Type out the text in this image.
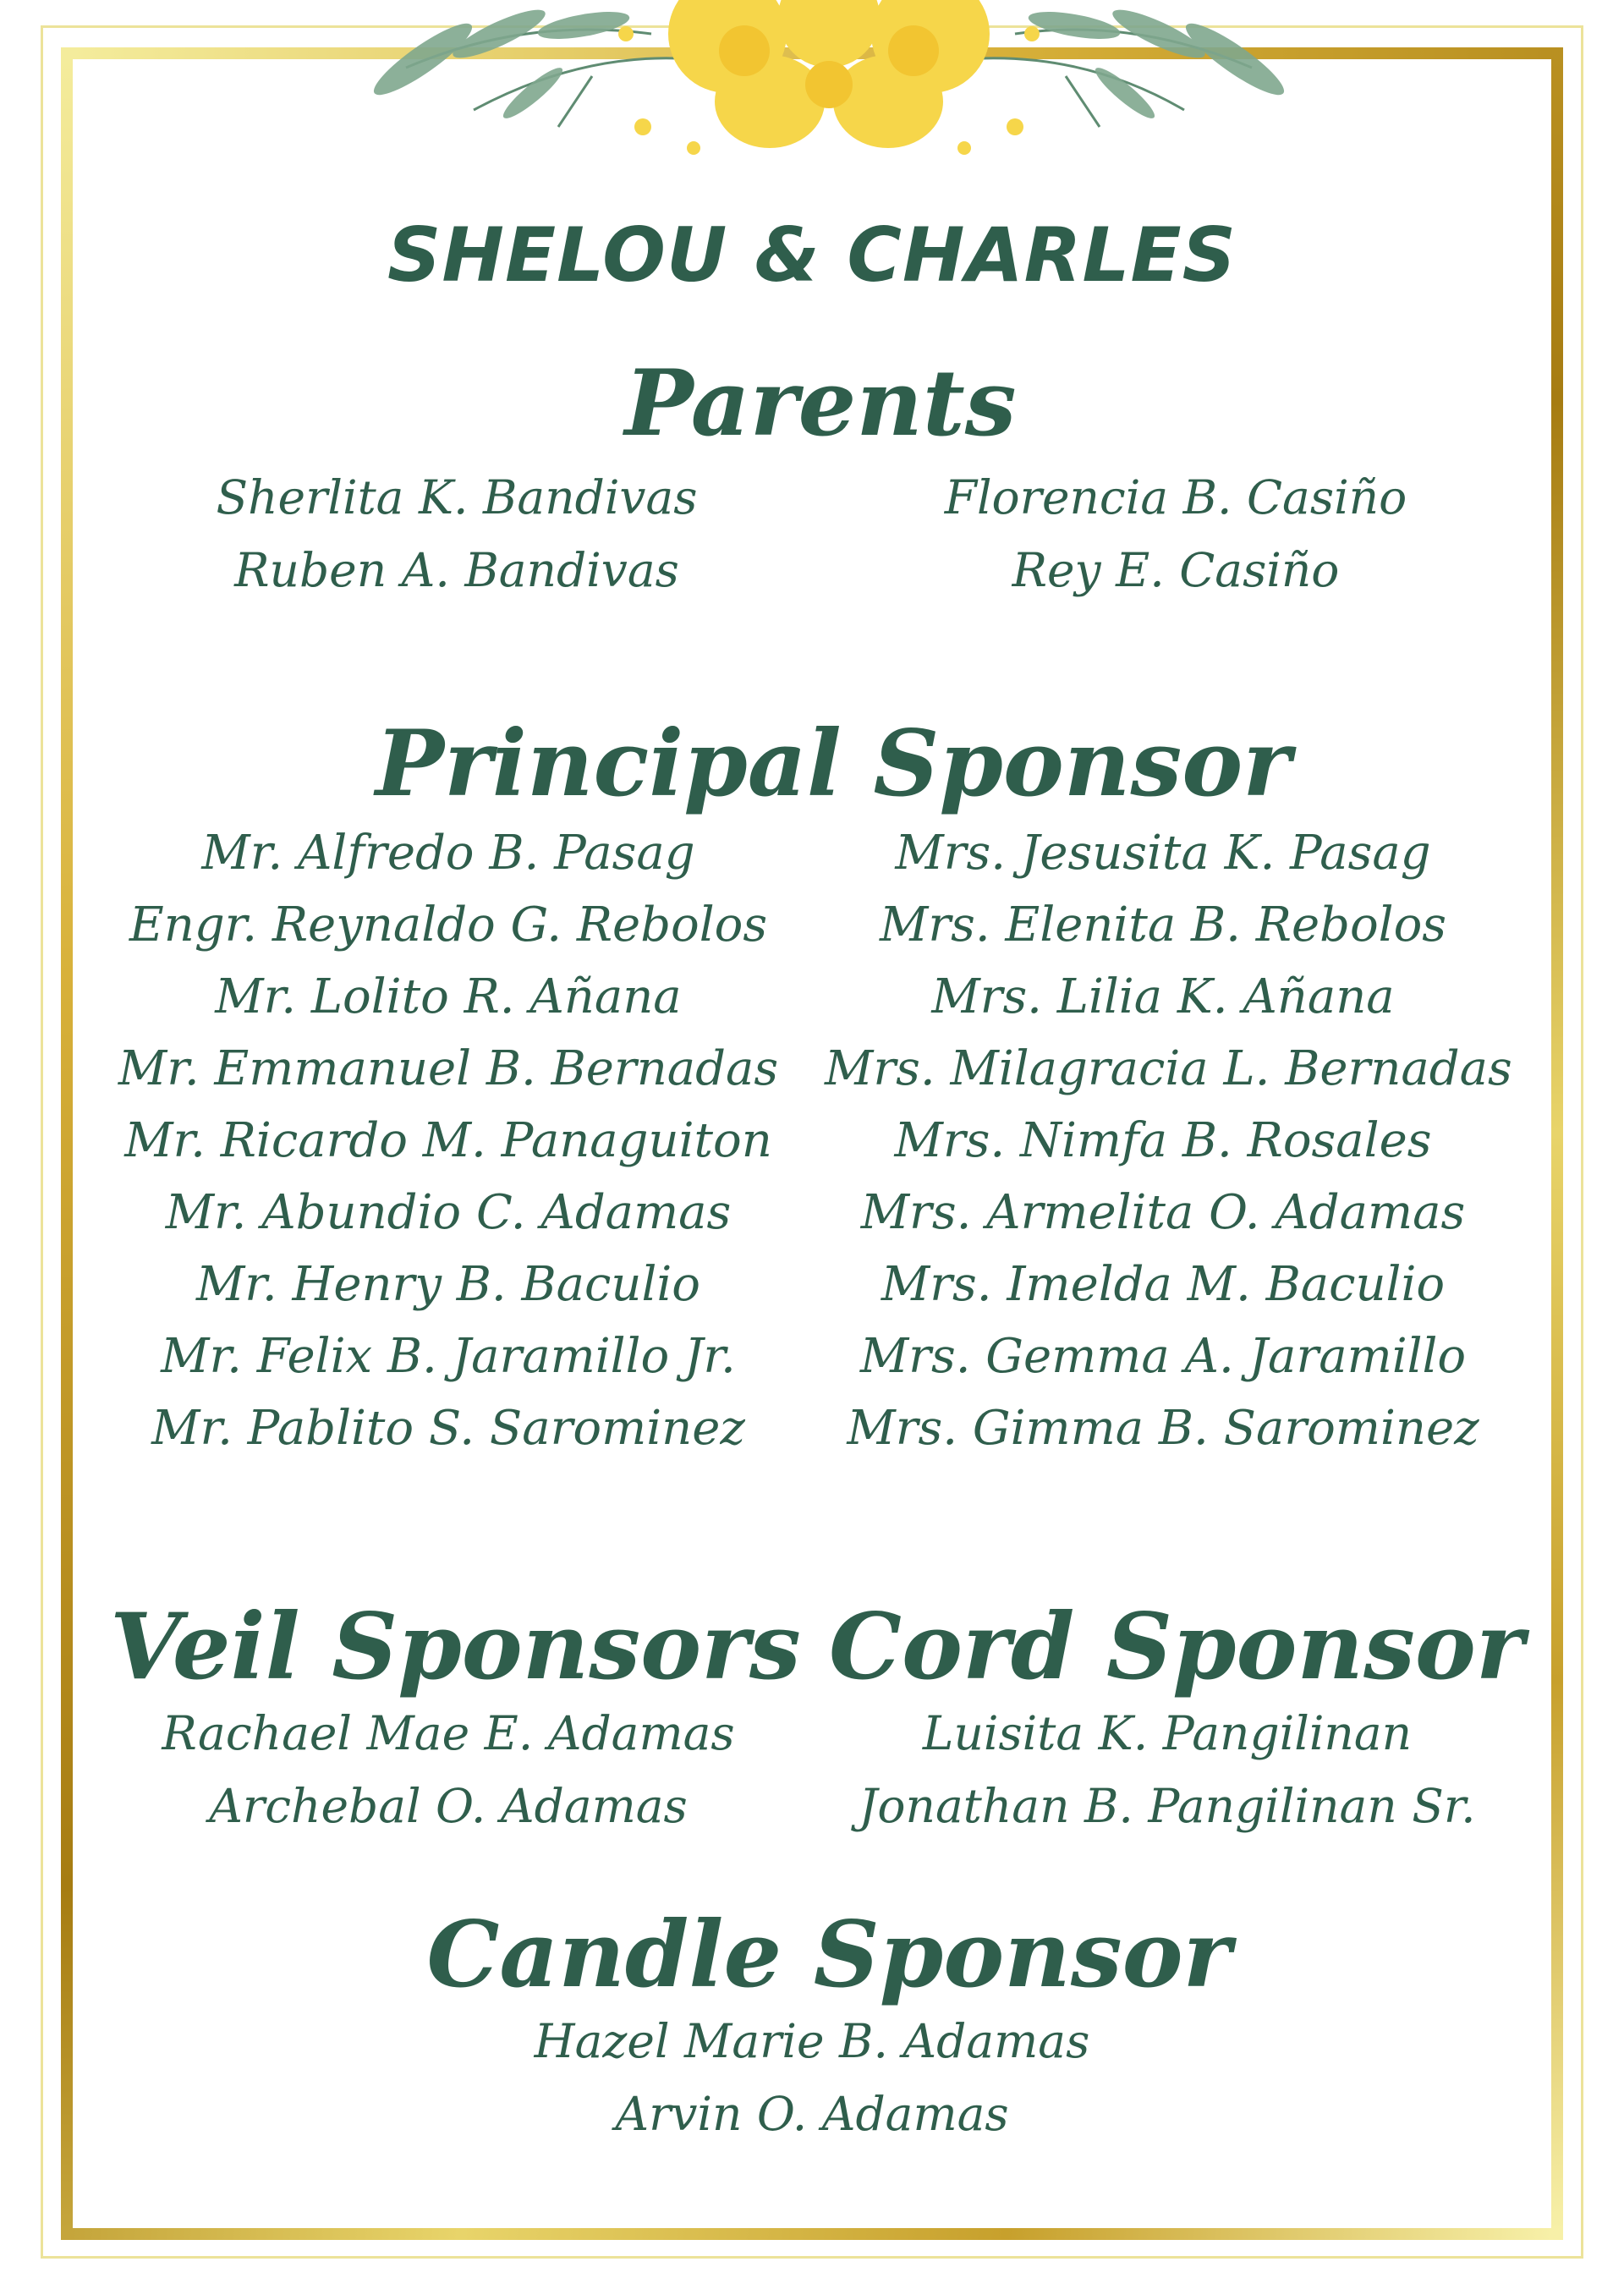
SHELOU & CHARLES
Parents
Sherlita K. Bandivas
Ruben A. Bandivas
Florencia B. Casiño
Rey E. Casiño
Principal Sponsor
Mr. Alfredo B. Pasag
Engr. Reynaldo G. Rebolos
Mr. Lolito R. Añana
Mr. Emmanuel B. Bernadas
Mr. Ricardo M. Panaguiton
Mr. Abundio C. Adamas
Mr. Henry B. Baculio
Mr. Felix B. Jaramillo Jr.
Mr. Pablito S. Sarominez
Mrs. Jesusita K. Pasag
Mrs. Elenita B. Rebolos
Mrs. Lilia K. Añana
Mrs. Milagracia L. Bernadas
Mrs. Nimfa B. Rosales
Mrs. Armelita O. Adamas
Mrs. Imelda M. Baculio
Mrs. Gemma A. Jaramillo
Mrs. Gimma B. Sarominez
Veil Sponsors
Rachael Mae E. Adamas
Archebal O. Adamas
Cord Sponsor
Luisita K. Pangilinan
Jonathan B. Pangilinan Sr.
Candle Sponsor
Hazel Marie B. Adamas
Arvin O. Adamas
